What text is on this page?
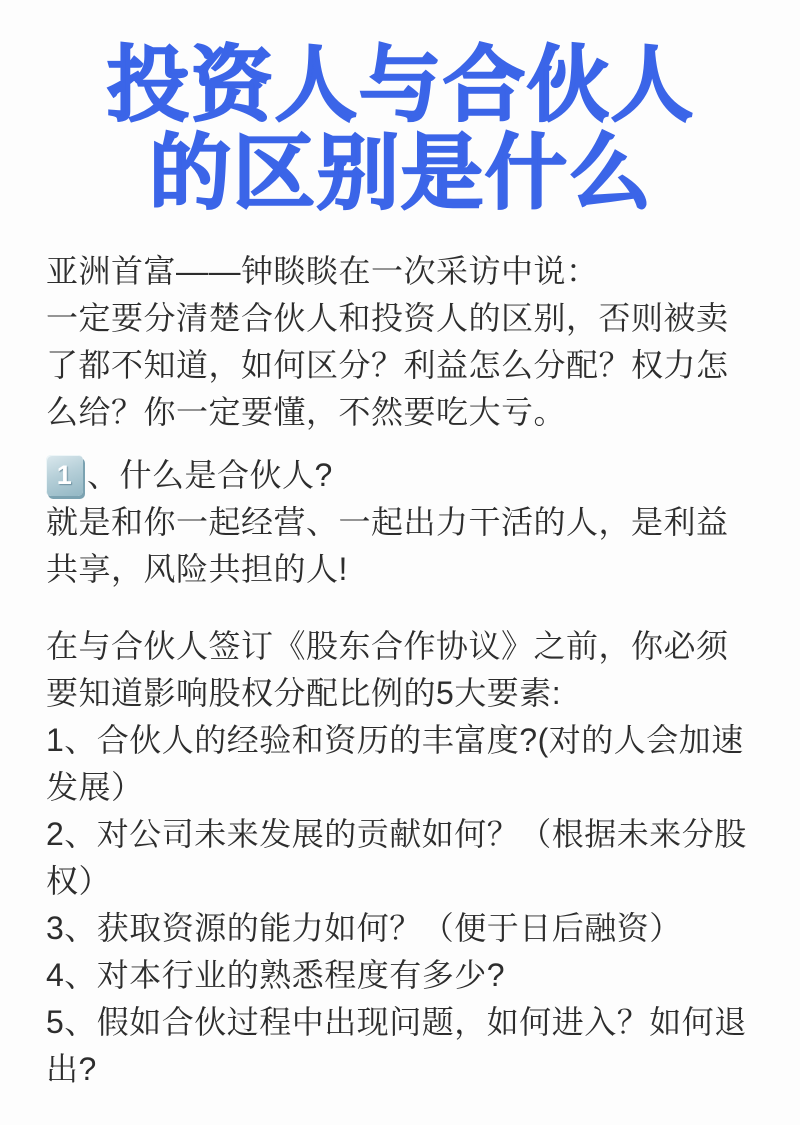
投资人与合伙人
的区别是什么
亚洲首富——钟睒睒在一次采访中说：
一定要分清楚合伙人和投资人的区别，否则被卖了都不知道，如何区分？利益怎么分配？权力怎么给？你一定要懂，不然要吃大亏。
1 、什么是合伙人?
就是和你一起经营、一起出力干活的人，是利益共享，风险共担的人!
在与合伙人签订《股东合作协议》之前，你必须要知道影响股权分配比例的5大要素:
1、合伙人的经验和资历的丰富度?(对的人会加速发展）
2、对公司未来发展的贡献如何？（根据未来分股权）
3、获取资源的能力如何？（便于日后融资）
4、对本行业的熟悉程度有多少?
5、假如合伙过程中出现问题，如何进入？如何退出?
